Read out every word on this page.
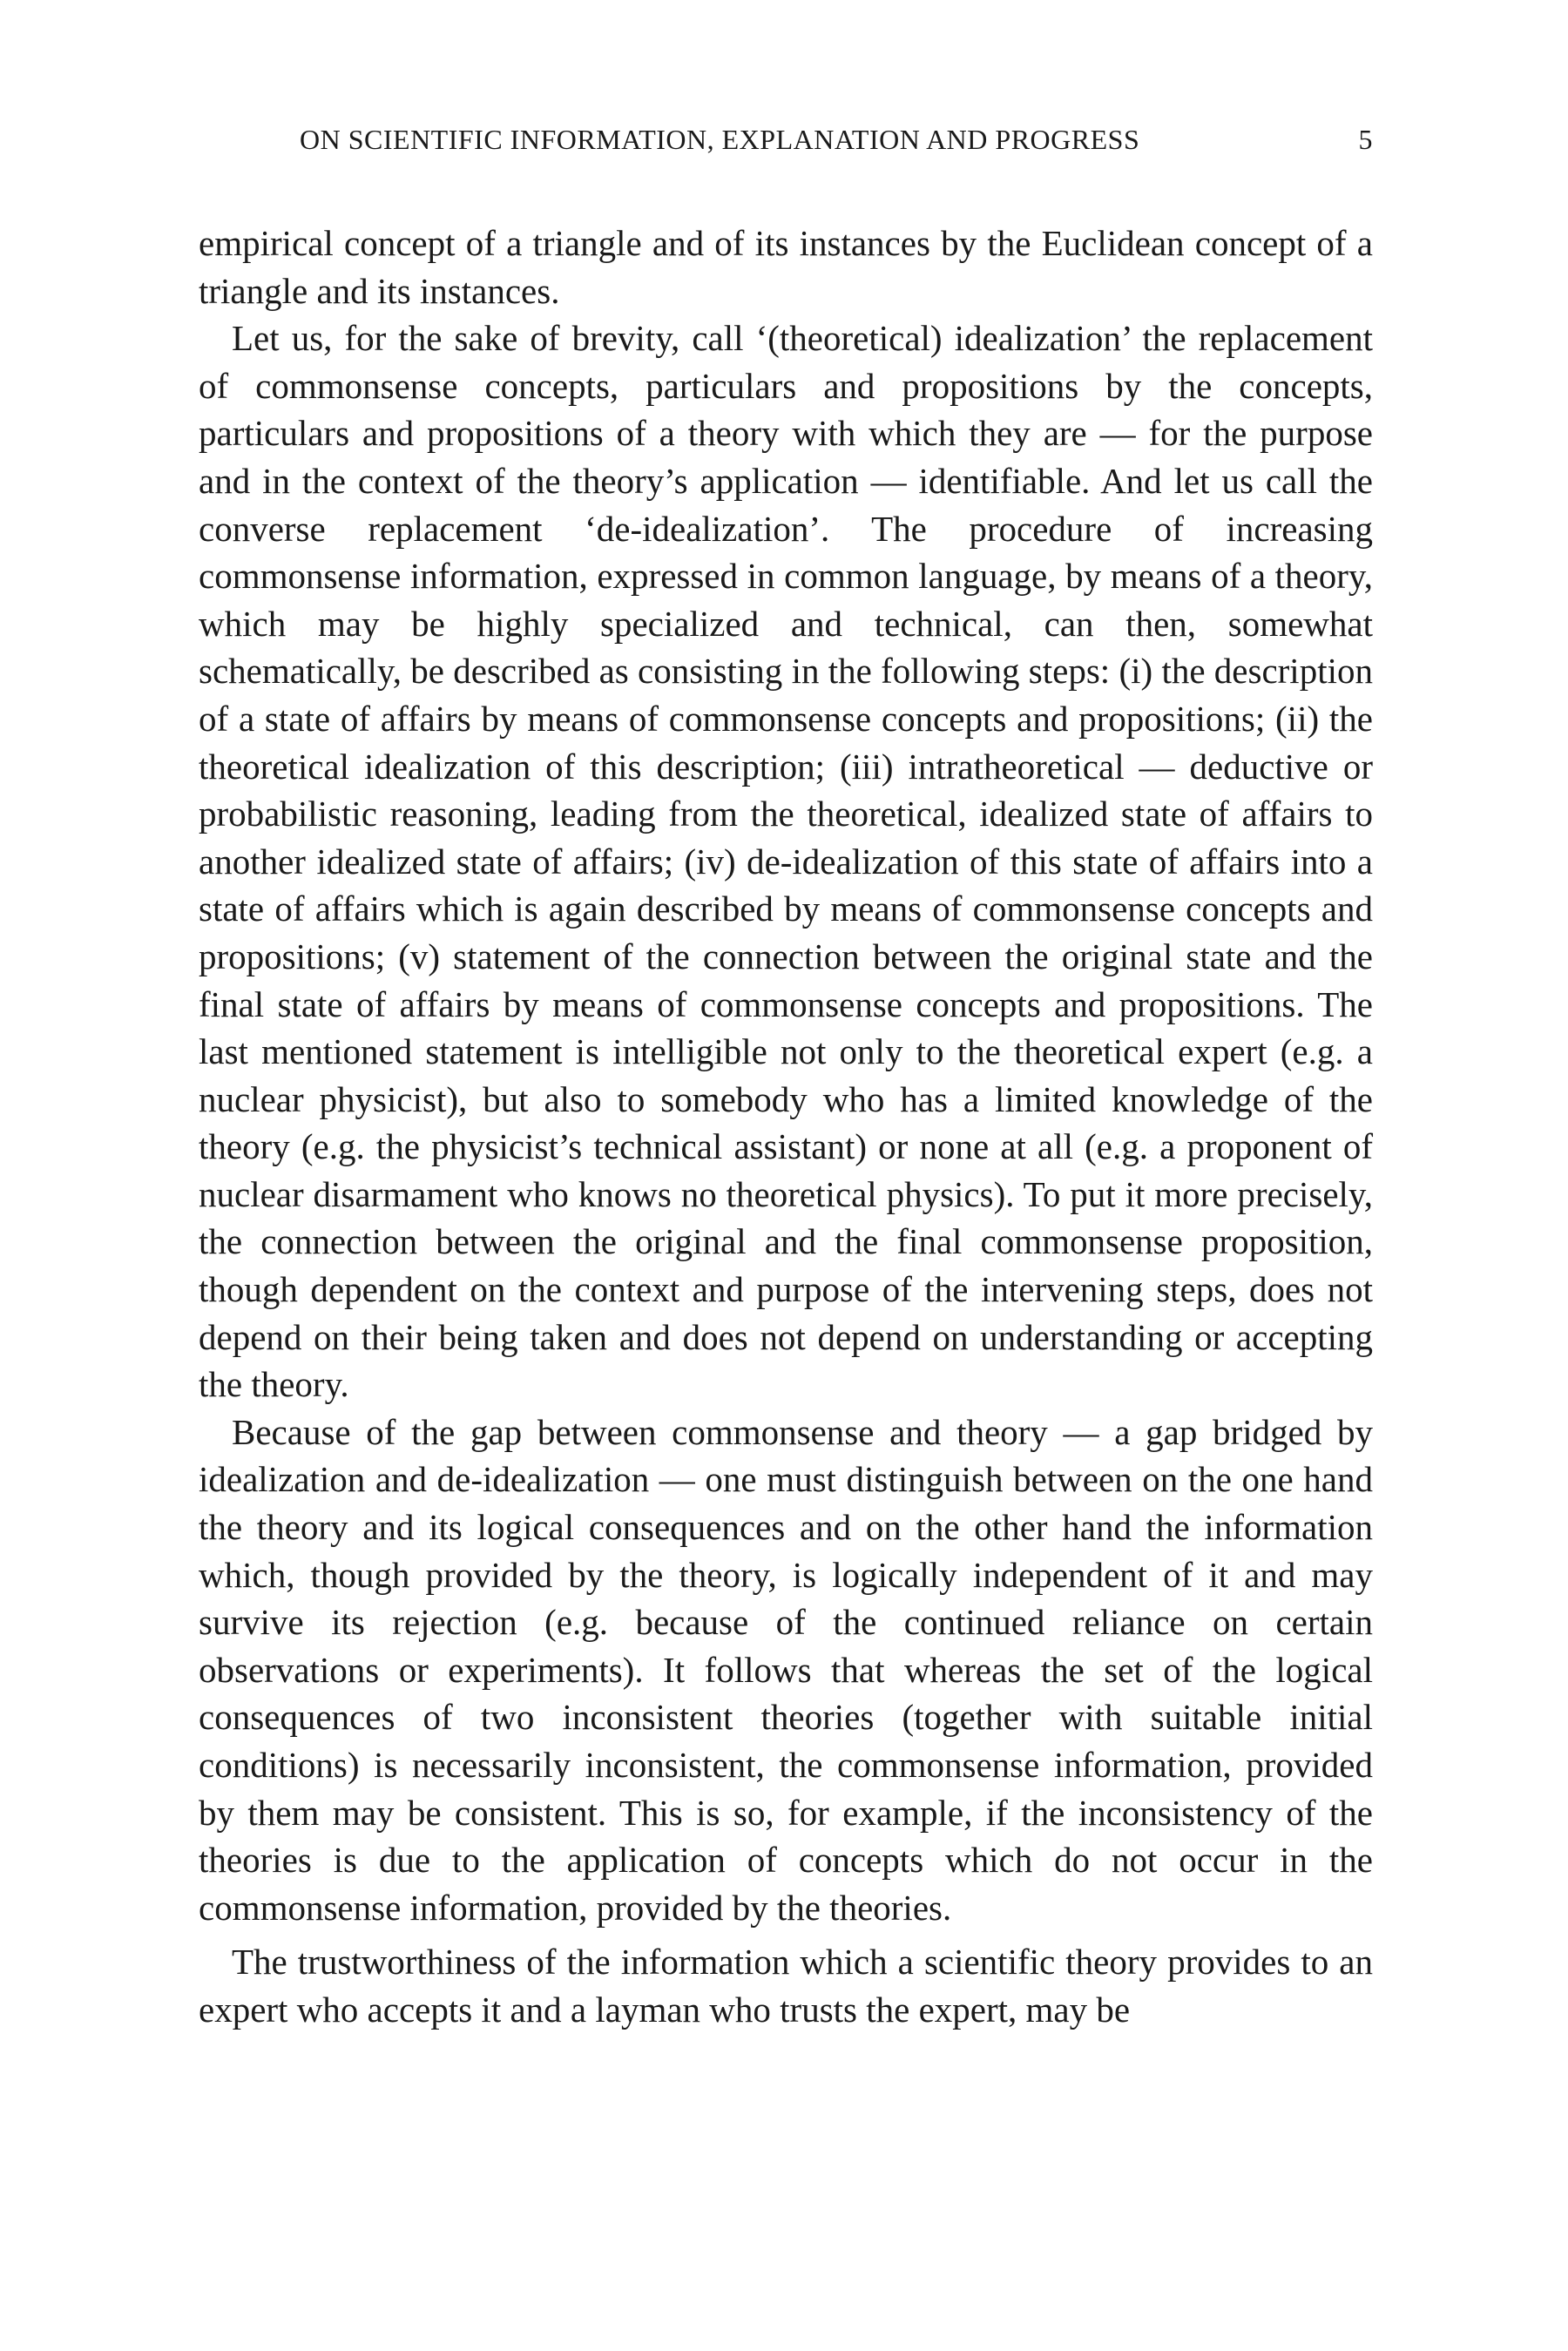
ON SCIENTIFIC INFORMATION, EXPLANATION AND PROGRESS	5

empirical concept of a triangle and of its instances by the Euclidean concept of a triangle and its instances.

Let us, for the sake of brevity, call ‘(theoretical) idealization’ the replacement of commonsense concepts, particulars and propositions by the concepts, particulars and propositions of a theory with which they are — for the purpose and in the context of the theory’s application — identifiable. And let us call the converse replacement ‘de-idealization’. The procedure of increasing commonsense information, expressed in common language, by means of a theory, which may be highly specialized and technical, can then, somewhat schematically, be described as consisting in the following steps: (i) the description of a state of affairs by means of commonsense concepts and propositions; (ii) the theoretical idealization of this description; (iii) intratheoretical — deductive or probabilistic reasoning, leading from the theoretical, idealized state of affairs to another idealized state of affairs; (iv) de-idealization of this state of affairs into a state of affairs which is again described by means of commonsense concepts and propositions; (v) statement of the connection between the original state and the final state of affairs by means of commonsense concepts and propositions. The last mentioned statement is intelligible not only to the theoretical expert (e.g. a nuclear physicist), but also to somebody who has a limited knowledge of the theory (e.g. the physicist’s technical assistant) or none at all (e.g. a proponent of nuclear disarmament who knows no theoretical physics). To put it more precisely, the connection between the original and the final commonsense proposition, though dependent on the context and purpose of the intervening steps, does not depend on their being taken and does not depend on understanding or accepting the theory.

Because of the gap between commonsense and theory — a gap bridged by idealization and de-idealization — one must distinguish between on the one hand the theory and its logical consequences and on the other hand the information which, though provided by the theory, is logically independent of it and may survive its rejection (e.g. because of the continued reliance on certain observations or experiments). It follows that whereas the set of the logical consequences of two inconsistent theories (together with suitable initial conditions) is necessarily inconsistent, the commonsense information, provided by them may be consistent. This is so, for example, if the inconsistency of the theories is due to the application of concepts which do not occur in the commonsense information, provided by the theories.

The trustworthiness of the information which a scientific theory provides to an expert who accepts it and a layman who trusts the expert, may be
